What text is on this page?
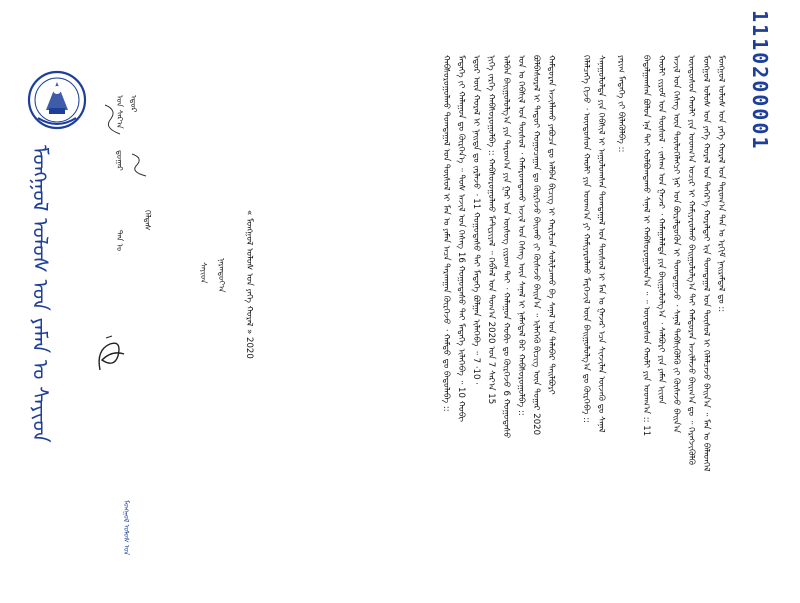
ᠮᠣᠩᠭᠣᠯ ᠤᠯᠤᠰ ᠤᠨ ᠶᠠᠮᠠᠨ ᠤ ᠰᠠᠶᠢᠳ
ᠮᠣᠩᠭᠣᠯ ᠤᠯᠤᠰ ᠤᠨ
1110200001
ᠣᠨ ᠰᠠᠷ᠎ᠠ ᠡᠳᠦᠷ
ᠳ᠋ᠤᠭᠠᠷ
ᠲᠠᠨ ᠤ
ᠬᠡᠯᠲᠡᠰ
ᠰᠠᠶᠢᠳ	ᠨᠠᠷᠠᠨᠲᠤᠶ᠎ᠠ « ᠮᠣᠩᠭᠣᠯ ᠤᠯᠤᠰ ᠤᠨ ᠶᠡᠬᠡ ᠬᠤᠷᠠᠯ » 2020	ᠮᠣᠩᠭᠣᠯ ᠤᠯᠤᠰ ᠤᠨ ᠶᠡᠬᠡ ᠬᠤᠷᠠᠯ ᠤᠨ ᠳᠠᠷᠤᠭ᠎ᠠ ᠲᠠᠨ ᠤ ᠡᠷᠬᠢᠮ ᠨᠠᠢᠷᠠᠮᠳᠠᠯ ᠳᠤ ::
ᠮᠣᠩᠭᠣᠯ ᠤᠯᠤᠰ ᠤᠨ ᠶᠡᠬᠡ ᠬᠤᠷᠠᠯ ᠤᠨ ᠳᠡᠭᠡᠷ᠎ᠡ ᠬᠤᠷᠠᠯᠳᠠᠢ ᠢᠨ ᠲᠣᠭᠲᠠᠭᠠᠯ ᠤᠨ ᠲᠥᠰᠥᠯ ᠢ ᠬᠡᠯᠡᠯᠴᠡᠵᠦ ᠪᠠᠢᠨ᠎ᠠ ᠃ ᠮᠠᠨ ᠤ ᠪᠡᠯᠡᠳᠬᠡᠯ
ᠦᠨᠳᠦᠰᠦᠨ ᠬᠠᠤᠯᠢ ᠶᠢᠨ ᠤᠳᠬ᠎ᠠ ᠤᠴᠢᠷ ᠢ ᠬᠠᠮᠢᠶᠠᠷᠤᠯᠬᠤ ᠪᠠᠢᠭᠤᠯᠤᠯᠭ᠎ᠠ ᠲᠠᠢ ᠬᠠᠮᠲᠤᠷᠠᠨ ᠠᠵᠢᠯᠯᠠᠵᠤ ᠪᠠᠢᠭ᠎ᠠ ᠳᠤ ᠃ ᠬᠡᠷᠡᠭᠵᠢᠭᠦᠯᠬᠦ
ᠠᠵᠢᠯ ᠤᠨ ᠬᠡᠰᠡᠭ ᠦᠨ ᠲᠥᠯᠦᠭᠡᠯᠡᠭᠴᠢ ᠨᠠᠷ ᠤᠨ ᠪᠦᠷᠡᠯᠳᠦᠬᠦᠨ ᠢ ᠲᠣᠭᠲᠠᠭᠠᠵᠤ ᠂ ᠰᠠᠨᠠᠯ ᠳᠡᠪᠰᠢᠭᠦᠯᠬᠦ ᠵᠢ ᠬᠦᠰᠡᠵᠦ ᠪᠠᠢᠨ᠎ᠠ
ᠬᠠᠤᠯᠢ ᠵᠢᠷᠤᠮ ᠤᠨ ᠲᠥᠰᠥᠯ ᠂ ᠵᠠᠰᠠᠭ ᠤᠨ ᠭᠠᠵᠠᠷ ᠂ ᠬᠠᠮᠠᠭᠠᠯᠠᠯᠲᠠ ᠶᠢᠨ ᠪᠠᠢᠭᠤᠯᠤᠯᠭ᠎ᠠ ᠂ ᠰᠠᠯᠪᠤᠷᠢ ᠶᠢᠨ ᠶᠠᠮᠠᠨ ᠢᠢᠳ
ᠪᠠᠳᠠᠯᠭᠠᠭᠰᠠᠨ ᠪᠣᠯᠤᠨ ᠡᠨᠡ ᠲᠠᠢ ᠬᠣᠯᠪᠣᠭᠳᠠᠬᠤ ᠰᠠᠨᠠᠯ ᠢ ᠬᠠᠪᠰᠤᠷᠤᠭᠤᠯᠤᠨ᠎ᠠ ᠃ ᠃ ᠦᠨᠳᠦᠰᠦᠨ ᠬᠠᠤᠯᠢ ᠶᠢᠨ ᠤᠳᠬ᠎ᠠ :: 11
ᠶᠠᠷᠢᠭ ᠮᠡᠳᠡᠭᠡ ᠵᠢ ᠪᠢᠯᠡᠭᠦᠯᠪᠡ ::
ᠰᠠᠨᠠᠭᠤᠯᠤᠯᠲᠠ ᠶᠢᠨ ᠬᠡᠪᠰᠢᠯ ᠢ ᠠᠭᠤᠯᠤᠭᠰᠠᠨ ᠲᠣᠭᠲᠠᠭᠠᠯ ᠤᠨ ᠲᠥᠰᠥᠯ ᠢ ᠮᠠᠨ ᠤ ᠭᠠᠵᠠᠷ ᠡᠴᠡ ᠰᠢᠨᠵᠢᠯᠡᠨ ᠦᠵᠡᠬᠦ ᠳᠤ ᠰᠠᠨᠠᠯ
ᠬᠡᠯᠡᠯᠴᠡᠭᠡ ᠬᠢᠵᠦ ᠂ ᠦᠨᠳᠦᠰᠦᠨ ᠬᠠᠤᠯᠢ ᠶᠢᠨ ᠤᠳᠬ᠎ᠠ ᠶᠢ ᠬᠠᠮᠢᠶᠠᠷᠤᠯᠬᠤ ᠮᠡᠷᠭᠡᠵᠢᠯ ᠦᠨ ᠪᠠᠢᠭᠤᠯᠤᠯᠭ᠎ᠠ ᠳᠤ ᠬᠦᠷᠭᠡᠪᠡ ::
ᠬᠠᠮᠲᠤᠷᠠᠨ ᠠᠵᠢᠯᠯᠠᠬᠤ ᠶᠠᠪᠤᠴᠠ ᠳᠤ ᠠᠯᠪᠠᠨ ᠪᠢᠴᠢᠭ ᠢ ᠬᠠᠷᠢᠯᠴᠠᠨ ᠰᠣᠯᠢᠯᠴᠠᠬᠤ ᠪᠠ ᠰᠠᠨᠠᠯ ᠤᠨ ᠲᠠᠯᠠᠪᠠᠷ ᠲᠠᠢᠯᠪᠤᠷᠢ
ᠪᠣᠯᠪᠠᠰᠤᠷᠠᠯ ᠢ ᠲᠡᠳᠦᠢ ᠬᠤᠭᠤᠴᠠᠭᠠᠨ ᠳᠤ ᠬᠦᠷᠭᠡᠵᠦ ᠪᠠᠢᠬᠤ ᠵᠢ ᠬᠦᠰᠡᠵᠦ ᠪᠠᠢᠨ᠎ᠠ ᠃ ᠢᠯᠡᠭᠡᠬᠦ ᠪᠢᠴᠢᠭ ᠦᠨ ᠳᠤᠭᠠᠷ 2020
ᠣᠨ ᠤ ᠬᠡᠪᠰᠢᠯ ᠤᠨ ᠲᠥᠰᠥᠯ ᠂ ᠬᠠᠮᠠᠷᠤᠭᠳᠠᠬᠤ ᠠᠵᠢᠯ ᠤᠨ ᠬᠡᠰᠡᠭ ᠦᠨ ᠰᠠᠨᠠᠯ ᠢ ᠨᠡᠮᠡᠭᠳᠡᠯ ᠪᠠᠷ ᠬᠠᠪᠰᠤᠷᠤᠭᠤᠯᠪᠠ ::
ᠠᠯᠪᠠᠨ ᠪᠠᠢᠭᠤᠯᠤᠯᠭ᠎ᠠ ᠶᠢᠨ ᠳᠠᠷᠤᠭ᠎ᠠ ᠶᠢᠨ ᠭᠠᠷ ᠤᠨ ᠦᠰᠦᠭ ᠵᠢᠷᠤᠭ ᠲᠠᠢ ᠂ ᠬᠠᠯᠠᠭᠤᠨ ᠬᠤᠪᠢ ᠳᠤ ᠬᠦᠷᠭᠡᠵᠦ 6 ᠬᠤᠭᠤᠳᠠᠰᠤ
ᠨᠢᠭᠡ ᠵᠡᠷᠭᠡ ᠬᠠᠪᠰᠤᠷᠤᠭᠤᠯᠪᠠ :: ᠬᠠᠪᠰᠤᠷᠤᠭᠤᠯᠬᠤ ᠮᠠᠲ᠋ᠧᠷᠢᠶᠠᠯ ᠃ ᠬᠡᠪᠯᠡᠯ ᠤᠨ ᠲᠣᠭ᠎ᠠ 2020 ᠣᠨ 7 ᠰᠠᠷ᠎ᠠ 15
ᠡᠳᠦᠷ ᠦᠨ ᠬᠤᠷᠠᠯ ᠢ ᠨᠡᠢᠲᠡ ᠳᠤ ᠵᠠᠷᠯᠠᠵᠤ ᠂ 11 ᠬᠤᠭᠤᠳᠠᠰᠤ ᠲᠠᠢ ᠮᠡᠳᠡᠭᠡ ᠪᠣᠯᠭᠠᠨ ᠢᠯᠡᠭᠡᠪᠡ ᠃ 7 ·10 ·
ᠮᠡᠳᠡᠭᠡ ᠵᠢ ᠬᠠᠯᠠᠭᠤᠨ ᠳᠤ ᠬᠦᠷᠭᠡᠨ᠎ᠡ ᠃ ᠲᠤᠰ ᠠᠵᠢᠯ ᠤᠨ ᠬᠡᠰᠡᠭ 16 ᠬᠤᠭᠤᠳᠠᠰᠤ ᠲᠠᠢ ᠮᠡᠳᠡᠭᠡ ᠢᠯᠡᠭᠡᠪᠡ ᠃ 10 ᠬᠤᠪᠢ
ᠬᠠᠪᠰᠤᠷᠤᠭᠤᠯᠬᠤ ᠲᠣᠭᠲᠠᠭᠠᠯ ᠤᠨ ᠲᠥᠰᠥᠯ ᠢ ᠮᠠᠨ ᠤ ᠶᠠᠮᠠᠨ ᠠᠴᠠ ᠲᠠᠷᠬᠠᠭᠠᠨ ᠬᠦᠷᠭᠡᠵᠦ ᠂ ᠬᠠᠮᠲᠤ ᠳᠤ ᠪᠠᠲᠤᠯᠠᠪᠠ ::
